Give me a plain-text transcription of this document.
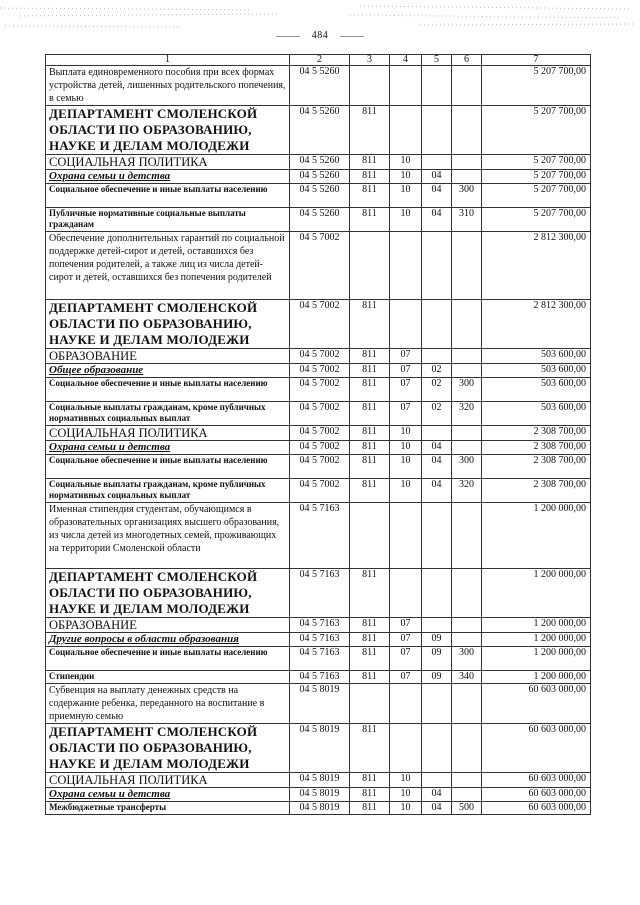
484
1	2	3	4	5	6	7
Выплата единовременного пособия при всех формах устройства детей, лишенных родительского попечения, в семью	04 5 5260					5 207 700,00
ДЕПАРТАМЕНТ СМОЛЕНСКОЙ ОБЛАСТИ ПО ОБРАЗОВАНИЮ, НАУКЕ И ДЕЛАМ МОЛОДЕЖИ	04 5 5260	811				5 207 700,00
СОЦИАЛЬНАЯ ПОЛИТИКА	04 5 5260	811	10			5 207 700,00
Охрана семьи и детства	04 5 5260	811	10	04		5 207 700,00
Социальное обеспечение и иные выплаты населению	04 5 5260	811	10	04	300	5 207 700,00
Публичные нормативные социальные выплаты гражданам	04 5 5260	811	10	04	310	5 207 700,00
Обеспечение дополнительных гарантий по социальной поддержке детей-сирот и детей, оставшихся без попечения родителей, а также лиц из числа детей-сирот и детей, оставшихся без попечения родителей	04 5 7002					2 812 300,00
ДЕПАРТАМЕНТ СМОЛЕНСКОЙ ОБЛАСТИ ПО ОБРАЗОВАНИЮ, НАУКЕ И ДЕЛАМ МОЛОДЕЖИ	04 5 7002	811				2 812 300,00
ОБРАЗОВАНИЕ	04 5 7002	811	07			503 600,00
Общее образование	04 5 7002	811	07	02		503 600,00
Социальное обеспечение и иные выплаты населению	04 5 7002	811	07	02	300	503 600,00
Социальные выплаты гражданам, кроме публичных нормативных социальных выплат	04 5 7002	811	07	02	320	503 600,00
СОЦИАЛЬНАЯ ПОЛИТИКА	04 5 7002	811	10			2 308 700,00
Охрана семьи и детства	04 5 7002	811	10	04		2 308 700,00
Социальное обеспечение и иные выплаты населению	04 5 7002	811	10	04	300	2 308 700,00
Социальные выплаты гражданам, кроме публичных нормативных социальных выплат	04 5 7002	811	10	04	320	2 308 700,00
Именная стипендия студентам, обучающимся в образовательных организациях высшего образования, из числа детей из многодетных семей, проживающих на территории Смоленской области	04 5 7163					1 200 000,00
ДЕПАРТАМЕНТ СМОЛЕНСКОЙ ОБЛАСТИ ПО ОБРАЗОВАНИЮ, НАУКЕ И ДЕЛАМ МОЛОДЕЖИ	04 5 7163	811				1 200 000,00
ОБРАЗОВАНИЕ	04 5 7163	811	07			1 200 000,00
Другие вопросы в области образования	04 5 7163	811	07	09		1 200 000,00
Социальное обеспечение и иные выплаты населению	04 5 7163	811	07	09	300	1 200 000,00
Стипендии	04 5 7163	811	07	09	340	1 200 000,00
Субвенция на выплату денежных средств на содержание ребенка, переданного на воспитание в приемную семью	04 5 8019					60 603 000,00
ДЕПАРТАМЕНТ СМОЛЕНСКОЙ ОБЛАСТИ ПО ОБРАЗОВАНИЮ, НАУКЕ И ДЕЛАМ МОЛОДЕЖИ	04 5 8019	811				60 603 000,00
СОЦИАЛЬНАЯ ПОЛИТИКА	04 5 8019	811	10			60 603 000,00
Охрана семьи и детства	04 5 8019	811	10	04		60 603 000,00
Межбюджетные трансферты	04 5 8019	811	10	04	500	60 603 000,00
